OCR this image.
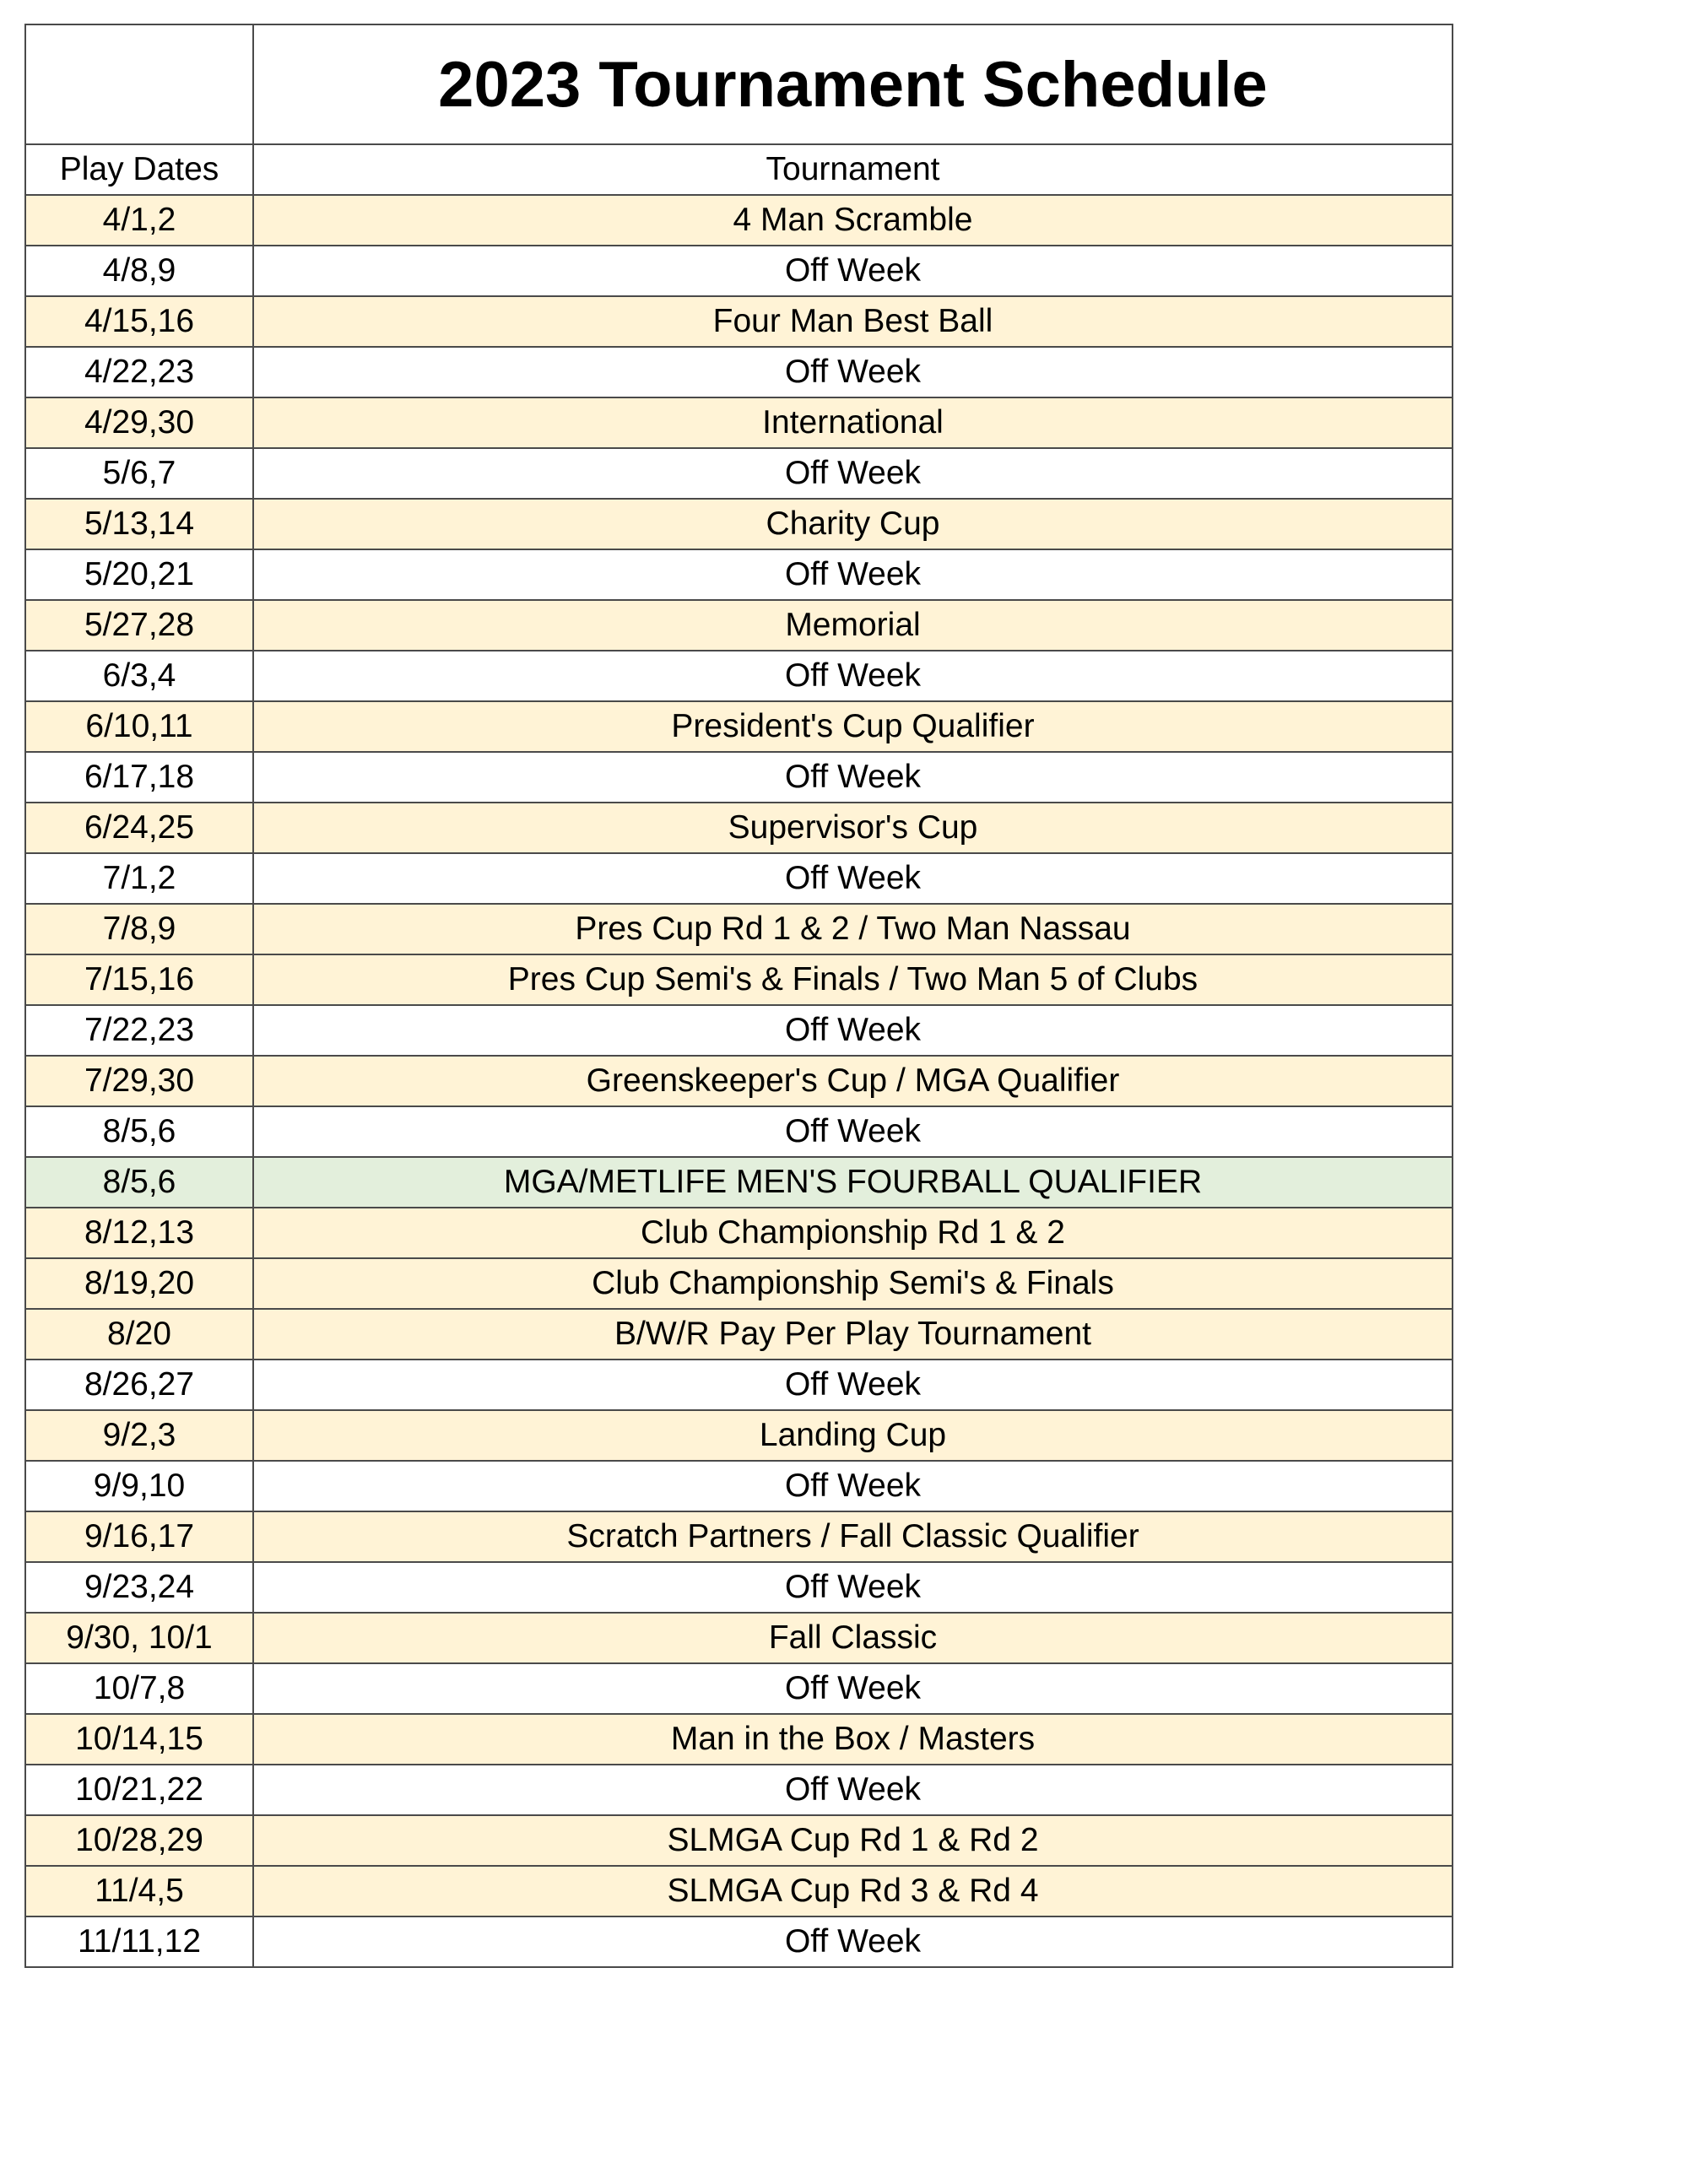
	2023 Tournament Schedule
Play Dates	Tournament
4/1,2	4 Man Scramble
4/8,9	Off Week
4/15,16	Four Man Best Ball
4/22,23	Off Week
4/29,30	International
5/6,7	Off Week
5/13,14	Charity Cup
5/20,21	Off Week
5/27,28	Memorial
6/3,4	Off Week
6/10,11	President's Cup Qualifier
6/17,18	Off Week
6/24,25	Supervisor's Cup
7/1,2	Off Week
7/8,9	Pres Cup Rd 1 & 2 / Two Man Nassau
7/15,16	Pres Cup Semi's & Finals / Two Man 5 of Clubs
7/22,23	Off Week
7/29,30	Greenskeeper's Cup / MGA Qualifier
8/5,6	Off Week
8/5,6	MGA/METLIFE MEN'S FOURBALL QUALIFIER
8/12,13	Club Championship Rd 1 & 2
8/19,20	Club Championship Semi's & Finals
8/20	B/W/R Pay Per Play Tournament
8/26,27	Off Week
9/2,3	Landing Cup
9/9,10	Off Week
9/16,17	Scratch Partners / Fall Classic Qualifier
9/23,24	Off Week
9/30, 10/1	Fall Classic
10/7,8	Off Week
10/14,15	Man in the Box / Masters
10/21,22	Off Week
10/28,29	SLMGA Cup Rd 1 & Rd 2
11/4,5	SLMGA Cup Rd 3 & Rd 4
11/11,12	Off Week
